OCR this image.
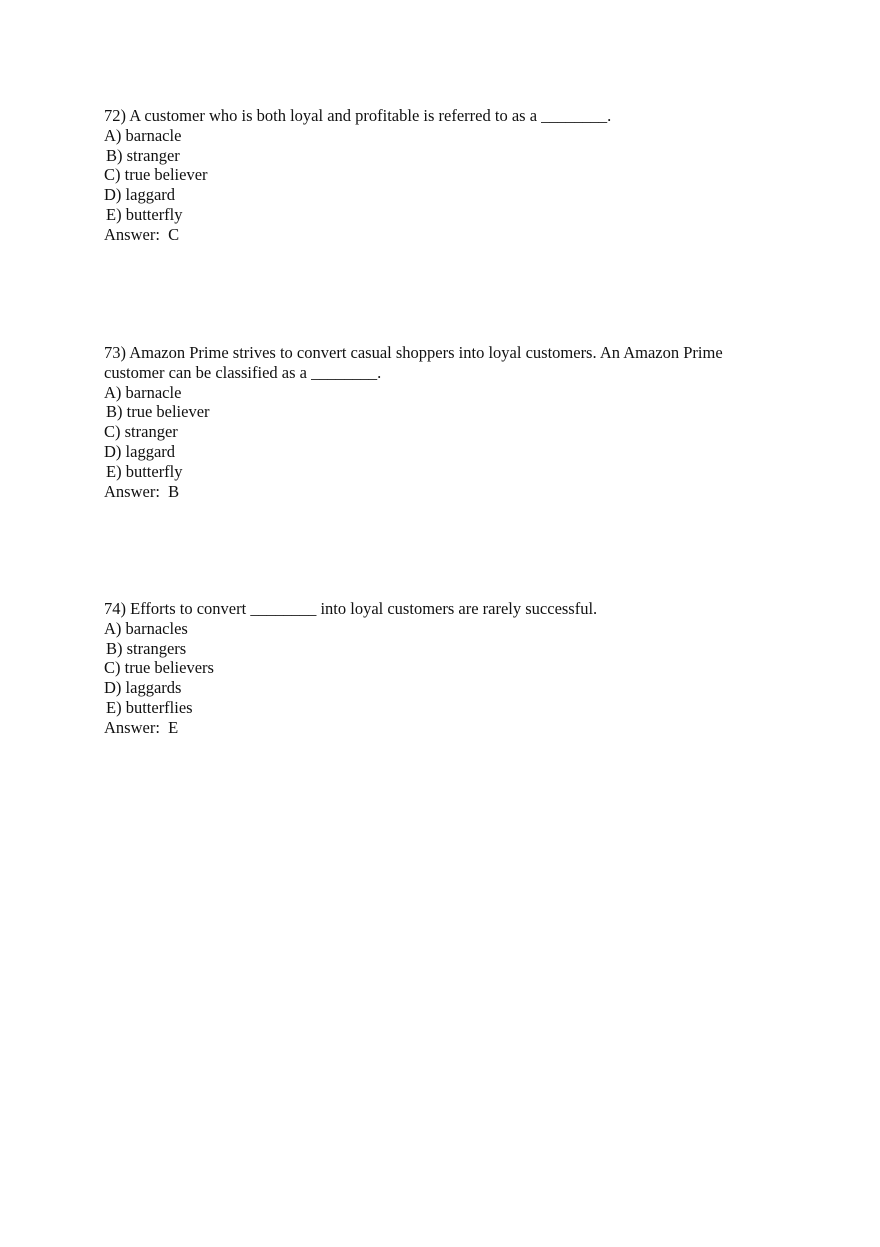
72) A customer who is both loyal and profitable is referred to as a ________.
A) barnacle
B) stranger
C) true believer
D) laggard
E) butterfly
Answer:  C
73) Amazon Prime strives to convert casual shoppers into loyal customers. An Amazon Prime
customer can be classified as a ________.
A) barnacle
B) true believer
C) stranger
D) laggard
E) butterfly
Answer:  B
74) Efforts to convert ________ into loyal customers are rarely successful.
A) barnacles
B) strangers
C) true believers
D) laggards
E) butterflies
Answer:  E
